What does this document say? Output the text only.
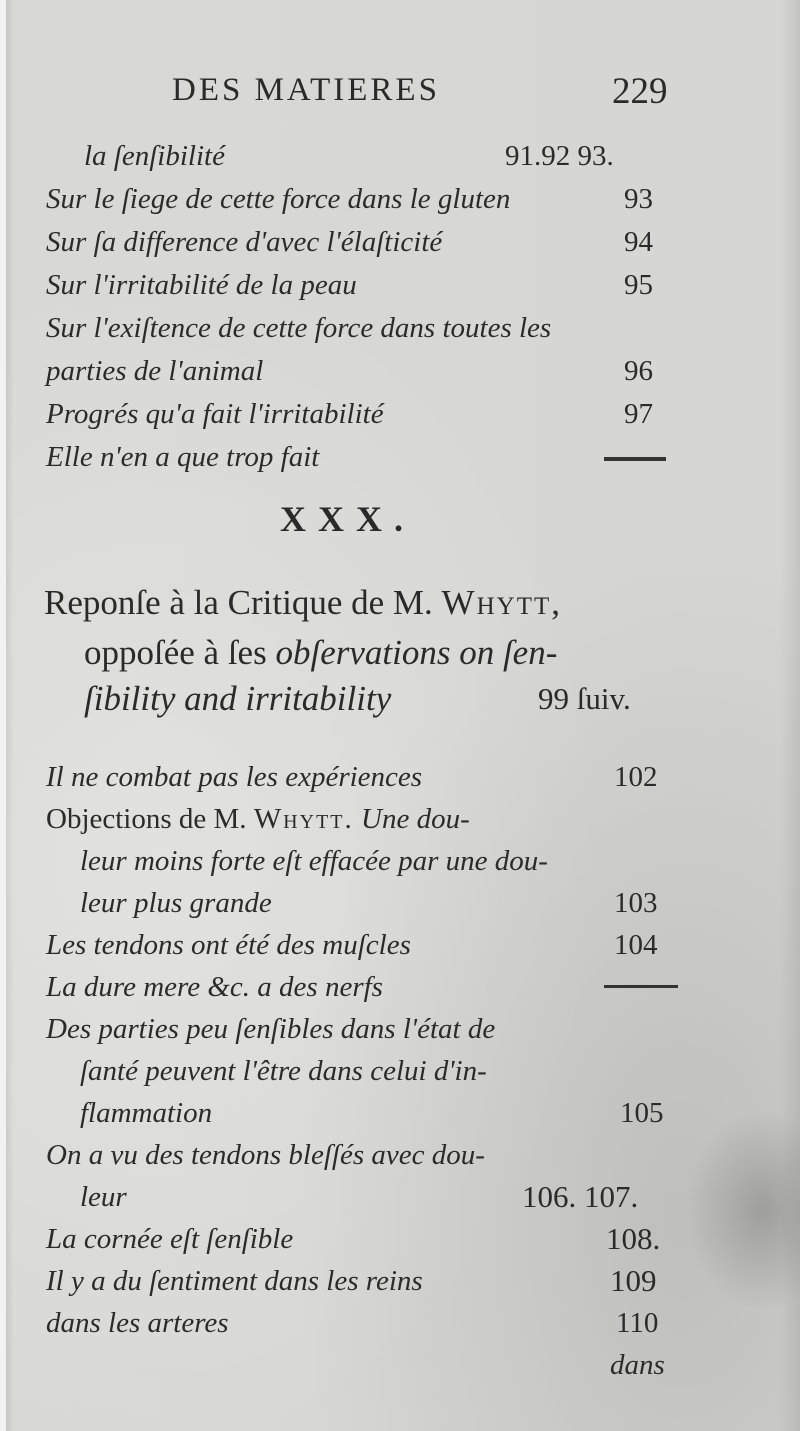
DES MATIERES	229
la ſenſibilité	91.92 93.
Sur le ſiege de cette force dans le gluten	93
Sur ſa difference d'avec l'élaſticité	94
Sur l'irritabilité de la peau	95
Sur l'exiſtence de cette force dans toutes les
parties de l'animal	96
Progrés qu'a fait l'irritabilité	97
Elle n'en a que trop fait
XXX.
Reponſe à la Critique de M. Whytt,
oppoſée à ſes obſervations on ſen-
ſibility and irritability	99 ſuiv.
Il ne combat pas les expériences	102
Objections de M. Whytt. Une dou-
leur moins forte eſt effacée par une dou-
leur plus grande	103
Les tendons ont été des muſcles	104
La dure mere &c. a des nerfs
Des parties peu ſenſibles dans l'état de
ſanté peuvent l'être dans celui d'in-
flammation	105
On a vu des tendons bleſſés avec dou-
leur	106. 107.
La cornée eſt ſenſible	108.
Il y a du ſentiment dans les reins	109
dans les arteres	110
dans
